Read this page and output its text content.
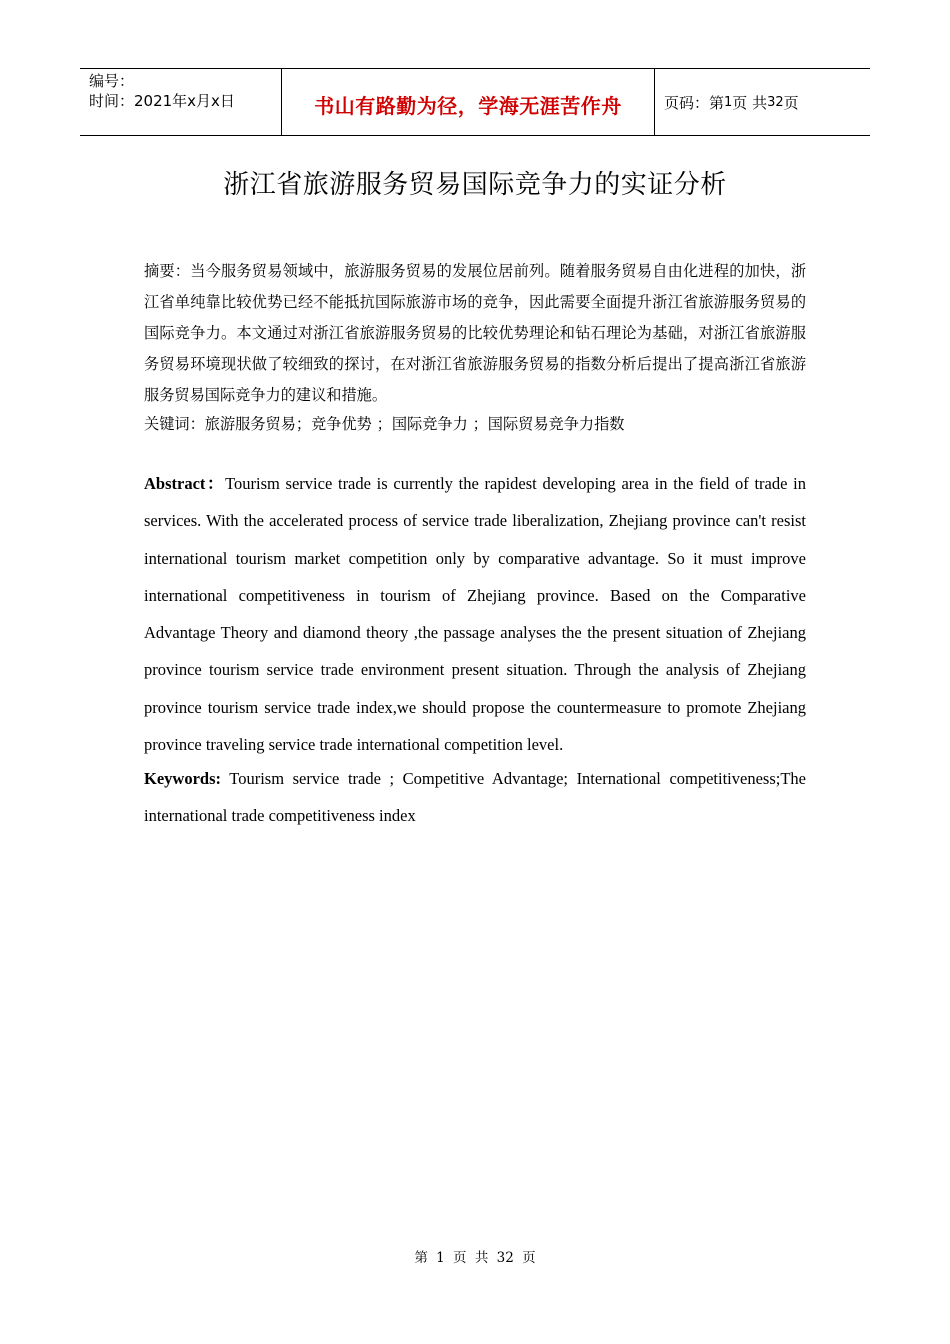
编号：
时间：2021年x月x日	书山有路勤为径，学海无涯苦作舟	页码：第 1 页 共 32 页
浙江省旅游服务贸易国际竞争力的实证分析
摘要：当今服务贸易领域中，旅游服务贸易的发展位居前列。随着服务贸易自由化进程的加快，浙江省单纯靠比较优势已经不能抵抗国际旅游市场的竞争，因此需要全面提升浙江省旅游服务贸易的国际竞争力。本文通过对浙江省旅游服务贸易的比较优势理论和钻石理论为基础，对浙江省旅游服务贸易环境现状做了较细致的探讨，在对浙江省旅游服务贸易的指数分析后提出了提高浙江省旅游服务贸易国际竞争力的建议和措施。
关键词：旅游服务贸易；竞争优势 ；国际竞争力 ；国际贸易竞争力指数
Abstract：Tourism service trade is currently the rapidest developing area in the field of trade in services. With the accelerated process of service trade liberalization, Zhejiang province can't resist international tourism market competition only by comparative advantage. So it must improve international competitiveness in tourism of Zhejiang province. Based on the Comparative Advantage Theory and diamond theory ,the passage analyses the the present situation of Zhejiang province tourism service trade environment present situation. Through the analysis of Zhejiang province tourism service trade index,we should propose the countermeasure to promote Zhejiang province traveling service trade international competition level.
Keywords: Tourism service trade ; Competitive Advantage; International competitiveness;The international trade competitiveness index
第 1 页 共 32 页
